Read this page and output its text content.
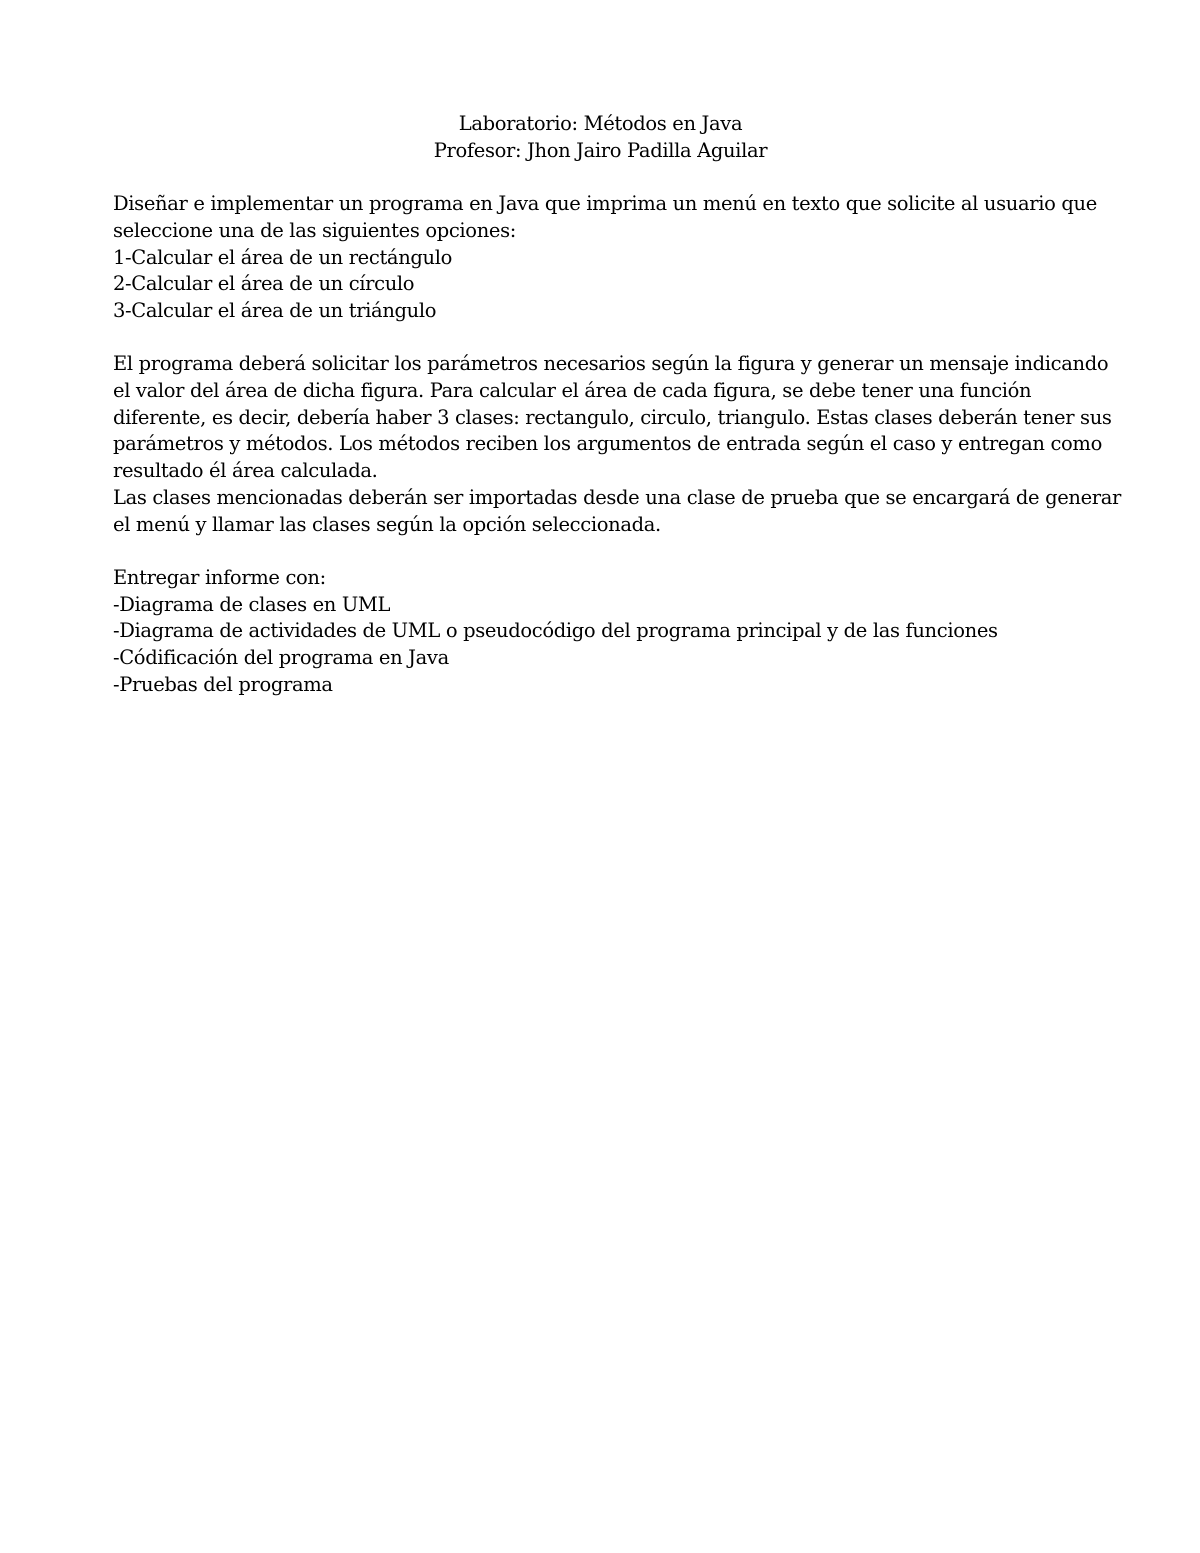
Laboratorio: Métodos en Java
Profesor: Jhon Jairo Padilla Aguilar
Diseñar e implementar un programa en Java que imprima un menú en texto que solicite al usuario que
seleccione una de las siguientes opciones:
1-Calcular el área de un rectángulo
2-Calcular el área de un círculo
3-Calcular el área de un triángulo
El programa deberá solicitar los parámetros necesarios según la figura y generar un mensaje indicando
el valor del área de dicha figura. Para calcular el área de cada figura, se debe tener una función
diferente, es decir, debería haber 3 clases: rectangulo, circulo, triangulo. Estas clases deberán tener sus
parámetros y métodos. Los métodos reciben los argumentos de entrada según el caso y entregan como
resultado él área calculada.
Las clases mencionadas deberán ser importadas desde una clase de prueba que se encargará de generar
el menú y llamar las clases según la opción seleccionada.
Entregar informe con:
-Diagrama de clases en UML
-Diagrama de actividades de UML o pseudocódigo del programa principal y de las funciones
-Códificación del programa en Java
-Pruebas del programa
